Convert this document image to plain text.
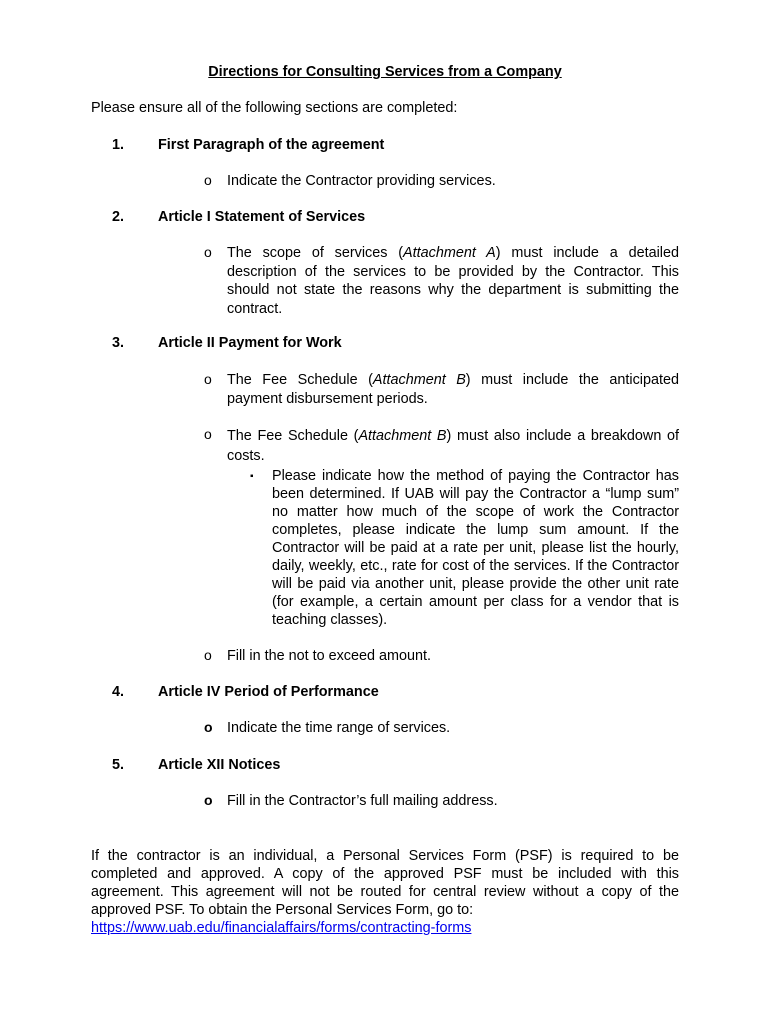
Directions for Consulting Services from a Company
Please ensure all of the following sections are completed:
1. First Paragraph of the agreement
o Indicate the Contractor providing services.
2. Article I Statement of Services
o The scope of services (Attachment A) must include a detailed description of the services to be provided by the Contractor. This should not state the reasons why the department is submitting the contract.
3. Article II Payment for Work
o The Fee Schedule (Attachment B) must include the anticipated payment disbursement periods.
o The Fee Schedule (Attachment B) must also include a breakdown of costs.
▪ Please indicate how the method of paying the Contractor has been determined. If UAB will pay the Contractor a “lump sum” no matter how much of the scope of work the Contractor completes, please indicate the lump sum amount. If the Contractor will be paid at a rate per unit, please list the hourly, daily, weekly, etc., rate for cost of the services. If the Contractor will be paid via another unit, please provide the other unit rate (for example, a certain amount per class for a vendor that is teaching classes).
o Fill in the not to exceed amount.
4. Article IV Period of Performance
o Indicate the time range of services.
5. Article XII Notices
o Fill in the Contractor’s full mailing address.
If the contractor is an individual, a Personal Services Form (PSF) is required to be completed and approved. A copy of the approved PSF must be included with this agreement. This agreement will not be routed for central review without a copy of the approved PSF. To obtain the Personal Services Form, go to:
https://www.uab.edu/financialaffairs/forms/contracting-forms
